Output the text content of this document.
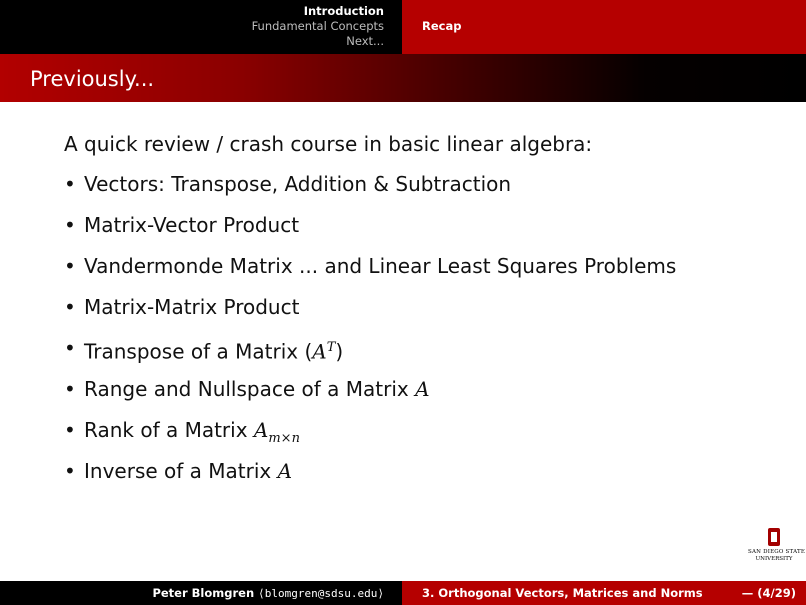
Introduction
Fundamental Concepts
Next...
Recap
Previously...

A quick review / crash course in basic linear algebra:

• Vectors: Transpose, Addition & Subtraction
• Matrix-Vector Product
• Vandermonde Matrix ... and Linear Least Squares Problems
• Matrix-Matrix Product
• Transpose of a Matrix $(A^T)$
• Range and Nullspace of a Matrix A
• Rank of a Matrix $A_{m\times n}$
• Inverse of a Matrix A
SAN DIEGO STATE
UNIVERSITY
Peter Blomgren ⟨blomgren@sdsu.edu⟩	3. Orthogonal Vectors, Matrices and Norms	— (4/29)
